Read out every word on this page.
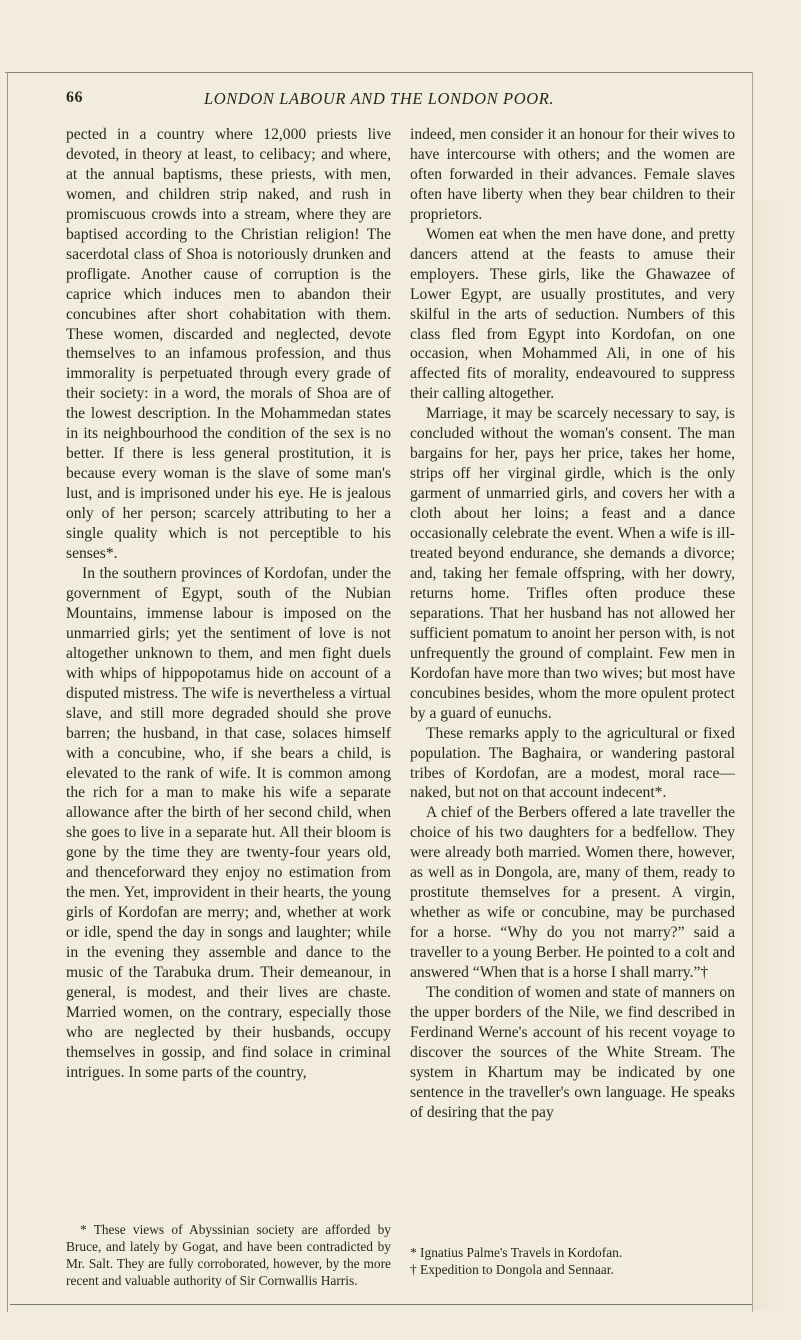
66	LONDON LABOUR AND THE LONDON POOR.

pected in a country where 12,000 priests live devoted, in theory at least, to celibacy; and where, at the annual baptisms, these priests, with men, women, and children strip naked, and rush in promiscuous crowds into a stream, where they are baptised according to the Christian religion! The sacerdotal class of Shoa is notoriously drunken and profligate. Another cause of corruption is the caprice which induces men to abandon their concubines after short cohabitation with them. These women, discarded and neglected, devote themselves to an infamous profession, and thus immorality is perpetuated through every grade of their society: in a word, the morals of Shoa are of the lowest description. In the Mohammedan states in its neighbourhood the condition of the sex is no better. If there is less general prostitution, it is because every woman is the slave of some man's lust, and is imprisoned under his eye. He is jealous only of her person; scarcely attributing to her a single quality which is not perceptible to his senses*.

In the southern provinces of Kordofan, under the government of Egypt, south of the Nubian Mountains, immense labour is imposed on the unmarried girls; yet the sentiment of love is not altogether unknown to them, and men fight duels with whips of hippopotamus hide on account of a disputed mistress. The wife is nevertheless a virtual slave, and still more degraded should she prove barren; the husband, in that case, solaces himself with a concubine, who, if she bears a child, is elevated to the rank of wife. It is common among the rich for a man to make his wife a separate allowance after the birth of her second child, when she goes to live in a separate hut. All their bloom is gone by the time they are twenty-four years old, and thenceforward they enjoy no estimation from the men. Yet, improvident in their hearts, the young girls of Kordofan are merry; and, whether at work or idle, spend the day in songs and laughter; while in the evening they assemble and dance to the music of the Tarabuka drum. Their demeanour, in general, is modest, and their lives are chaste. Married women, on the contrary, especially those who are neglected by their husbands, occupy themselves in gossip, and find solace in criminal intrigues. In some parts of the country,

* These views of Abyssinian society are afforded by Bruce, and lately by Gogat, and have been contradicted by Mr. Salt. They are fully corroborated, however, by the more recent and valuable authority of Sir Cornwallis Harris.

indeed, men consider it an honour for their wives to have intercourse with others; and the women are often forwarded in their advances. Female slaves often have liberty when they bear children to their proprietors.

Women eat when the men have done, and pretty dancers attend at the feasts to amuse their employers. These girls, like the Ghawazee of Lower Egypt, are usually prostitutes, and very skilful in the arts of seduction. Numbers of this class fled from Egypt into Kordofan, on one occasion, when Mohammed Ali, in one of his affected fits of morality, endeavoured to suppress their calling altogether.

Marriage, it may be scarcely necessary to say, is concluded without the woman's consent. The man bargains for her, pays her price, takes her home, strips off her virginal girdle, which is the only garment of unmarried girls, and covers her with a cloth about her loins; a feast and a dance occasionally celebrate the event. When a wife is ill-treated beyond endurance, she demands a divorce; and, taking her female offspring, with her dowry, returns home. Trifles often produce these separations. That her husband has not allowed her sufficient pomatum to anoint her person with, is not unfrequently the ground of complaint. Few men in Kordofan have more than two wives; but most have concubines besides, whom the more opulent protect by a guard of eunuchs.

These remarks apply to the agricultural or fixed population. The Baghaira, or wandering pastoral tribes of Kordofan, are a modest, moral race—naked, but not on that account indecent*.

A chief of the Berbers offered a late traveller the choice of his two daughters for a bedfellow. They were already both married. Women there, however, as well as in Dongola, are, many of them, ready to prostitute themselves for a present. A virgin, whether as wife or concubine, may be purchased for a horse. “Why do you not marry?” said a traveller to a young Berber. He pointed to a colt and answered “When that is a horse I shall marry.”†

The condition of women and state of manners on the upper borders of the Nile, we find described in Ferdinand Werne's account of his recent voyage to discover the sources of the White Stream. The system in Khartum may be indicated by one sentence in the traveller's own language. He speaks of desiring that the pay

* Ignatius Palme's Travels in Kordofan.

† Expedition to Dongola and Sennaar.
